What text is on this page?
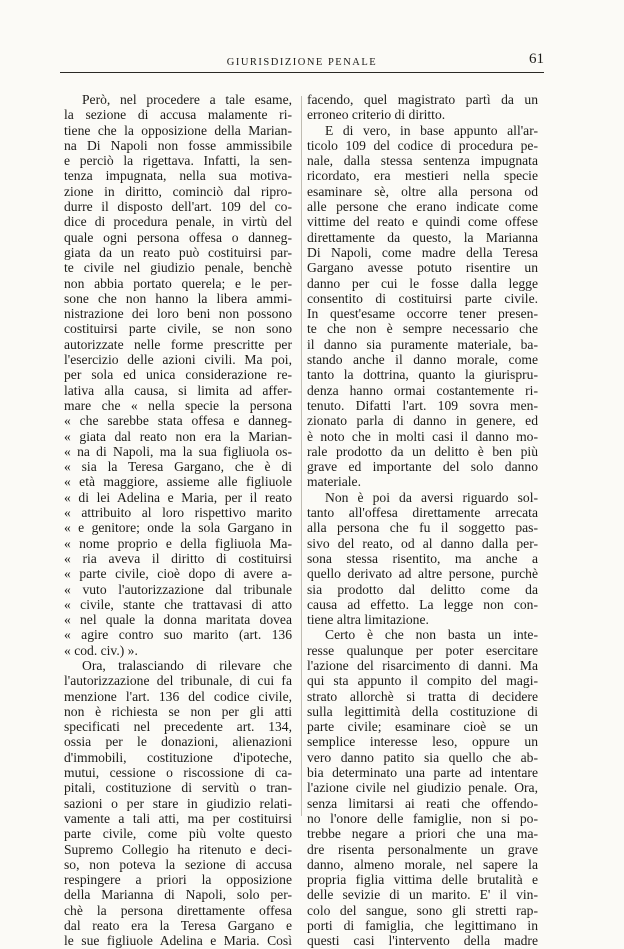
GIURISDIZIONE PENALE	61
Però, nel procedere a tale esame,
la sezione di accusa malamente ri-
tiene che la opposizione della Marian-
na Di Napoli non fosse ammissibile
e perciò la rigettava. Infatti, la sen-
tenza impugnata, nella sua motiva-
zione in diritto, cominciò dal ripro-
durre il disposto dell'art. 109 del co-
dice di procedura penale, in virtù del
quale ogni persona offesa o danneg-
giata da un reato può costituirsi par-
te civile nel giudizio penale, benchè
non abbia portato querela; e le per-
sone che non hanno la libera ammi-
nistrazione dei loro beni non possono
costituirsi parte civile, se non sono
autorizzate nelle forme prescritte per
l'esercizio delle azioni civili. Ma poi,
per sola ed unica considerazione re-
lativa alla causa, si limita ad affer-
mare che « nella specie la persona
« che sarebbe stata offesa e danneg-
« giata dal reato non era la Marian-
« na di Napoli, ma la sua figliuola os-
« sia la Teresa Gargano, che è di
« età maggiore, assieme alle figliuole
« di lei Adelina e Maria, per il reato
« attribuito al loro rispettivo marito
« e genitore; onde la sola Gargano in
« nome proprio e della figliuola Ma-
« ria aveva il diritto di costituirsi
« parte civile, cioè dopo di avere a-
« vuto l'autorizzazione dal tribunale
« civile, stante che trattavasi di atto
« nel quale la donna maritata dovea
« agire contro suo marito (art. 136
« cod. civ.) ».
Ora, tralasciando di rilevare che
l'autorizzazione del tribunale, di cui fa
menzione l'art. 136 del codice civile,
non è richiesta se non per gli atti
specificati nel precedente art. 134,
ossia per le donazioni, alienazioni
d'immobili, costituzione d'ipoteche,
mutui, cessione o riscossione di ca-
pitali, costituzione di servitù o tran-
sazioni o per stare in giudizio relati-
vamente a tali atti, ma per costituirsi
parte civile, come più volte questo
Supremo Collegio ha ritenuto e deci-
so, non poteva la sezione di accusa
respingere a priori la opposizione
della Marianna di Napoli, solo per-
chè la persona direttamente offesa
dal reato era la Teresa Gargano e
le sue figliuole Adelina e Maria. Così
facendo, quel magistrato partì da un
erroneo criterio di diritto.
E di vero, in base appunto all'ar-
ticolo 109 del codice di procedura pe-
nale, dalla stessa sentenza impugnata
ricordato, era mestieri nella specie
esaminare sè, oltre alla persona od
alle persone che erano indicate come
vittime del reato e quindi come offese
direttamente da questo, la Marianna
Di Napoli, come madre della Teresa
Gargano avesse potuto risentire un
danno per cui le fosse dalla legge
consentito di costituirsi parte civile.
In quest'esame occorre tener presen-
te che non è sempre necessario che
il danno sia puramente materiale, ba-
stando anche il danno morale, come
tanto la dottrina, quanto la giurispru-
denza hanno ormai costantemente ri-
tenuto. Difatti l'art. 109 sovra men-
zionato parla di danno in genere, ed
è noto che in molti casi il danno mo-
rale prodotto da un delitto è ben più
grave ed importante del solo danno
materiale.
Non è poi da aversi riguardo sol-
tanto all'offesa direttamente arrecata
alla persona che fu il soggetto pas-
sivo del reato, od al danno dalla per-
sona stessa risentito, ma anche a
quello derivato ad altre persone, purchè
sia prodotto dal delitto come da
causa ad effetto. La legge non con-
tiene altra limitazione.
Certo è che non basta un inte-
resse qualunque per poter esercitare
l'azione del risarcimento di danni. Ma
qui sta appunto il compito del magi-
strato allorchè si tratta di decidere
sulla legittimità della costituzione di
parte civile; esaminare cioè se un
semplice interesse leso, oppure un
vero danno patito sia quello che ab-
bia determinato una parte ad intentare
l'azione civile nel giudizio penale. Ora,
senza limitarsi ai reati che offendo-
no l'onore delle famiglie, non si po-
trebbe negare a priori che una ma-
dre risenta personalmente un grave
danno, almeno morale, nel sapere la
propria figlia vittima delle brutalità e
delle sevizie di un marito. E' il vin-
colo del sangue, sono gli stretti rap-
porti di famiglia, che legittimano in
questi casi l'intervento della madre
